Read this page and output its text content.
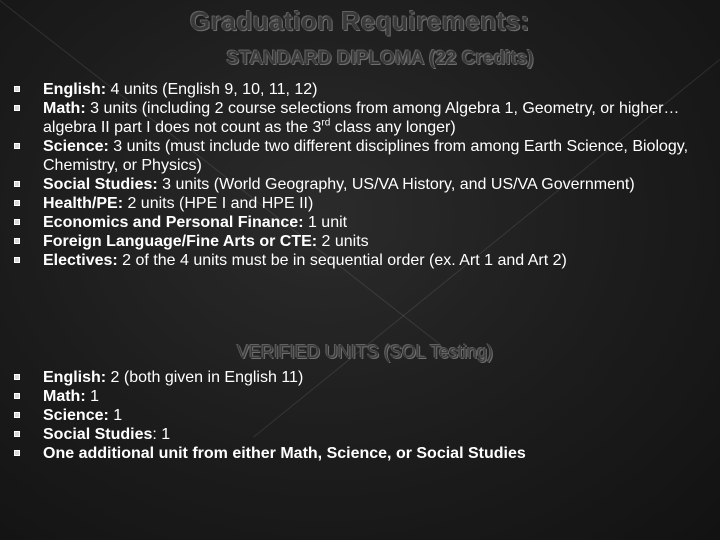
Graduation Requirements:
STANDARD DIPLOMA (22 Credits)
English: 4 units (English 9, 10, 11, 12)
Math: 3 units (including 2 course selections from among Algebra 1, Geometry, or higher…algebra II part I does not count as the 3rd class any longer)
Science: 3 units (must include two different disciplines from among Earth Science, Biology, Chemistry, or Physics)
Social Studies: 3 units (World Geography, US/VA History, and US/VA Government)
Health/PE: 2 units (HPE I and HPE II)
Economics and Personal Finance: 1 unit
Foreign Language/Fine Arts or CTE: 2 units
Electives: 2 of the 4 units must be in sequential order (ex. Art 1 and Art 2)
VERIFIED UNITS (SOL Testing)
English: 2 (both given in English 11)
Math: 1
Science: 1
Social Studies: 1
One additional unit from either Math, Science, or Social Studies
